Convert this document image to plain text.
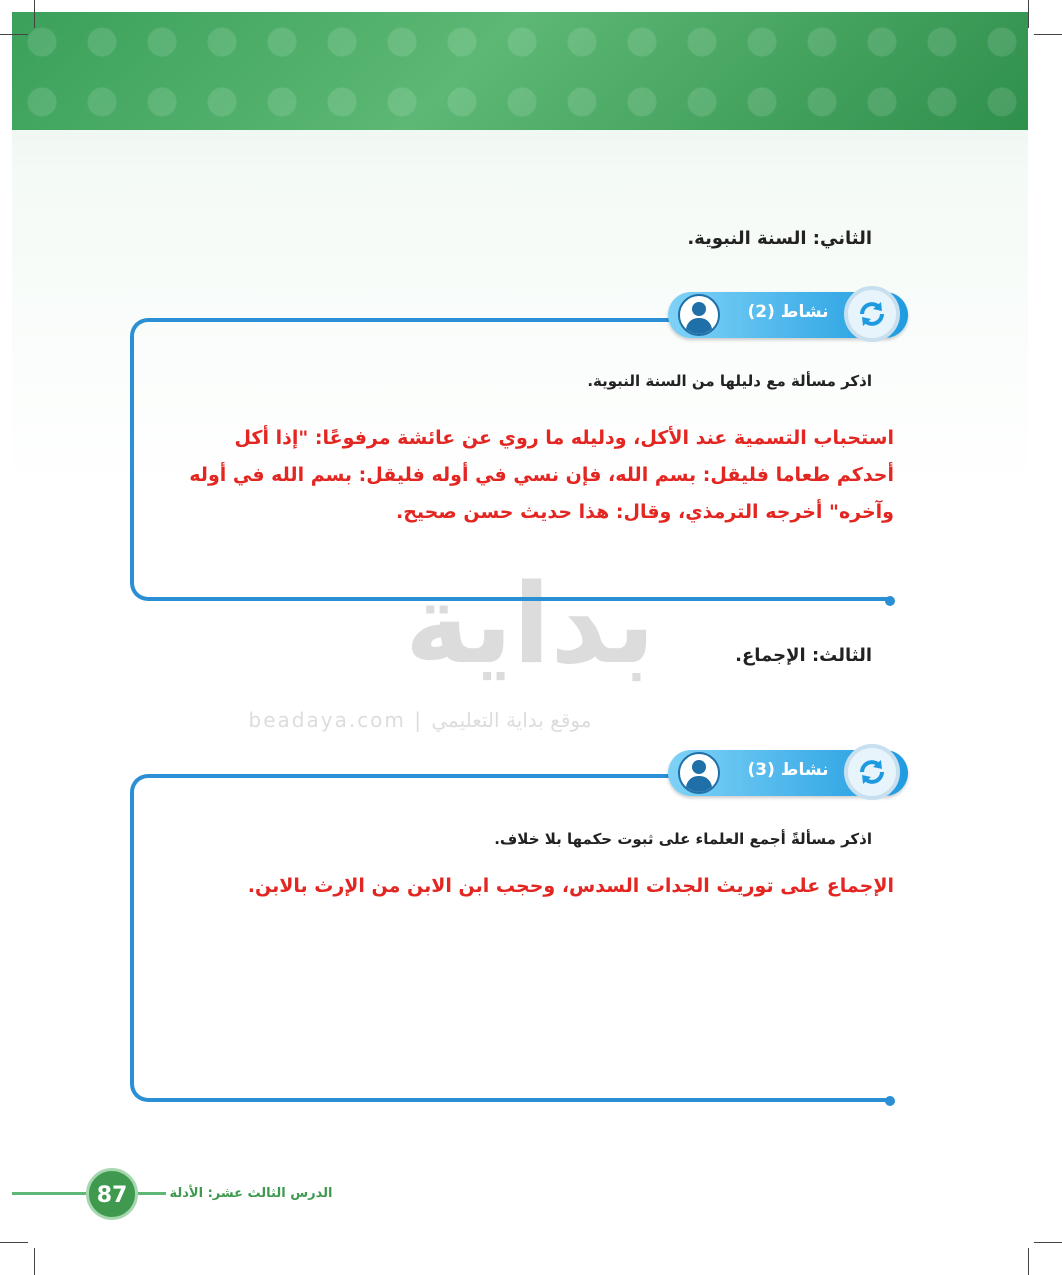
بداية
beadaya.com | موقع بداية التعليمي
الثاني: السنة النبوية.
نشاط (2)
اذكر مسألة مع دليلها من السنة النبوية.
استحباب التسمية عند الأكل، ودليله ما روي عن عائشة مرفوعًا: "إذا أكل أحدكم طعاما فليقل: بسم الله، فإن نسي في أوله فليقل: بسم الله في أوله وآخره" أخرجه الترمذي، وقال: هذا حديث حسن صحيح.
الثالث: الإجماع.
نشاط (3)
اذكر مسألةً أجمع العلماء على ثبوت حكمها بلا خلاف.
الإجماع على توريث الجدات السدس، وحجب ابن الابن من الإرث بالابن.
الدرس الثالث عشر: الأدلة
87
